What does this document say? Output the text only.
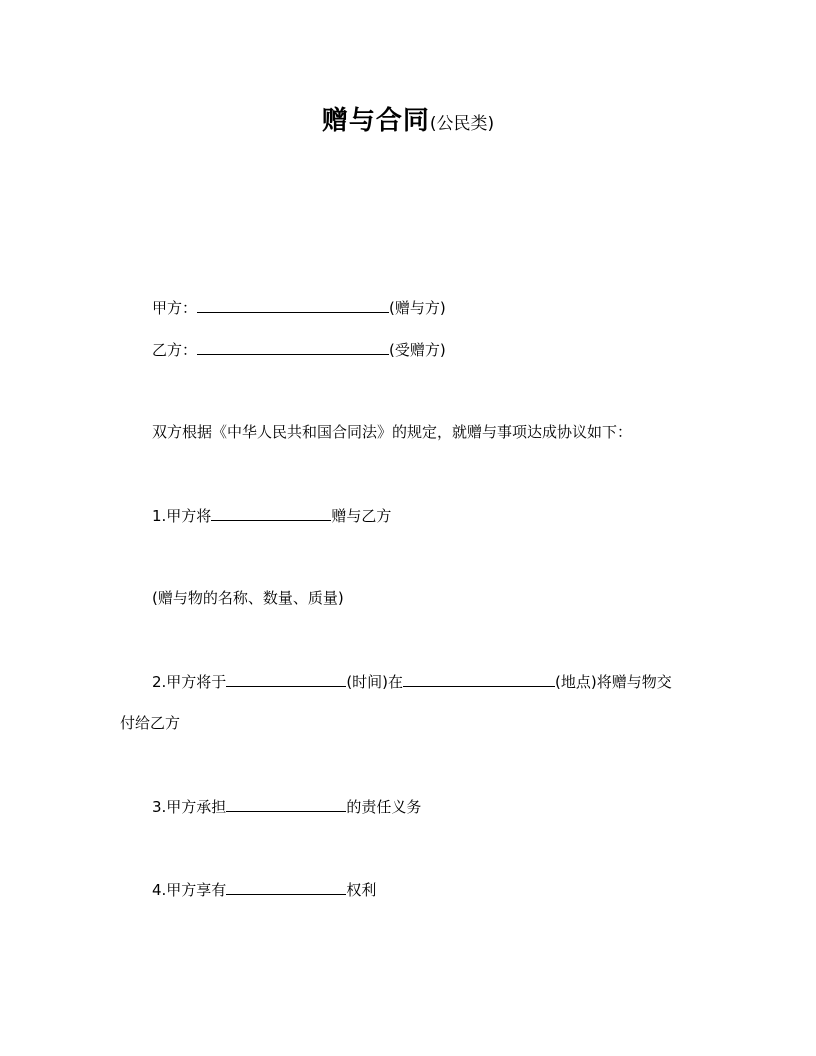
赠与合同(公民类)
甲方：	(赠与方)
乙方：	(受赠方)
双方根据《中华人民共和国合同法》的规定，就赠与事项达成协议如下：
1.甲方将	赠与乙方
(赠与物的名称、数量、质量)
2.甲方将于	(时间)在	(地点)将赠与物交
付给乙方
3.甲方承担	的责任义务
4.甲方享有	权利
